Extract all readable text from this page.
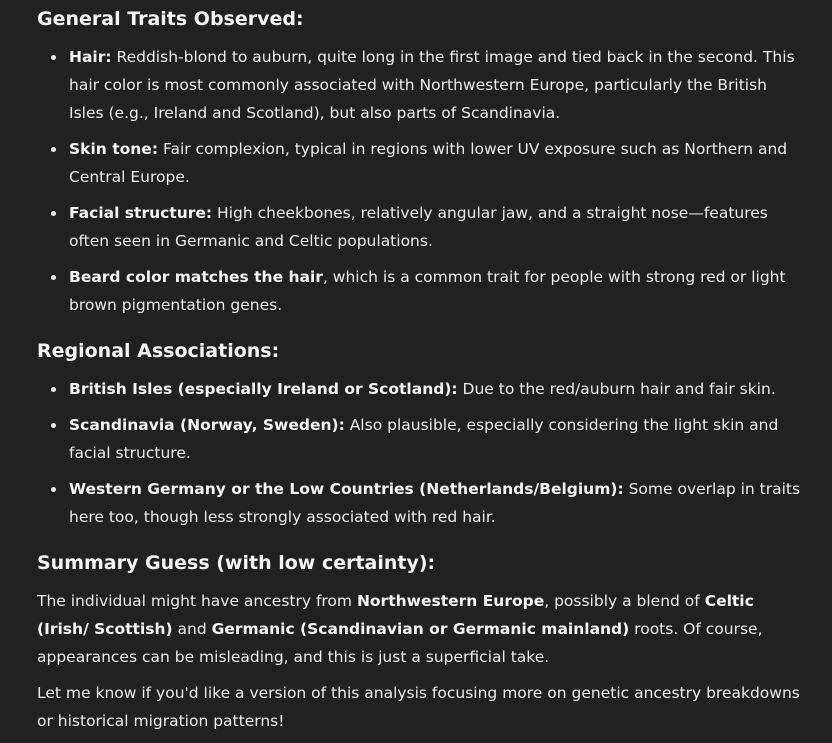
General Traits Observed:
Hair: Reddish-blond to auburn, quite long in the first image and tied back in the second. This hair color is most commonly associated with Northwestern Europe, particularly the British Isles (e.g., Ireland and Scotland), but also parts of Scandinavia.
Skin tone: Fair complexion, typical in regions with lower UV exposure such as Northern and Central Europe.
Facial structure: High cheekbones, relatively angular jaw, and a straight nose—features often seen in Germanic and Celtic populations.
Beard color matches the hair, which is a common trait for people with strong red or light brown pigmentation genes.
Regional Associations:
British Isles (especially Ireland or Scotland): Due to the red/auburn hair and fair skin.
Scandinavia (Norway, Sweden): Also plausible, especially considering the light skin and facial structure.
Western Germany or the Low Countries (Netherlands/Belgium): Some overlap in traits here too, though less strongly associated with red hair.
Summary Guess (with low certainty):

The individual might have ancestry from Northwestern Europe, possibly a blend of Celtic (Irish/ Scottish) and Germanic (Scandinavian or Germanic mainland) roots. Of course, appearances can be misleading, and this is just a superficial take.

Let me know if you'd like a version of this analysis focusing more on genetic ancestry breakdowns or historical migration patterns!
